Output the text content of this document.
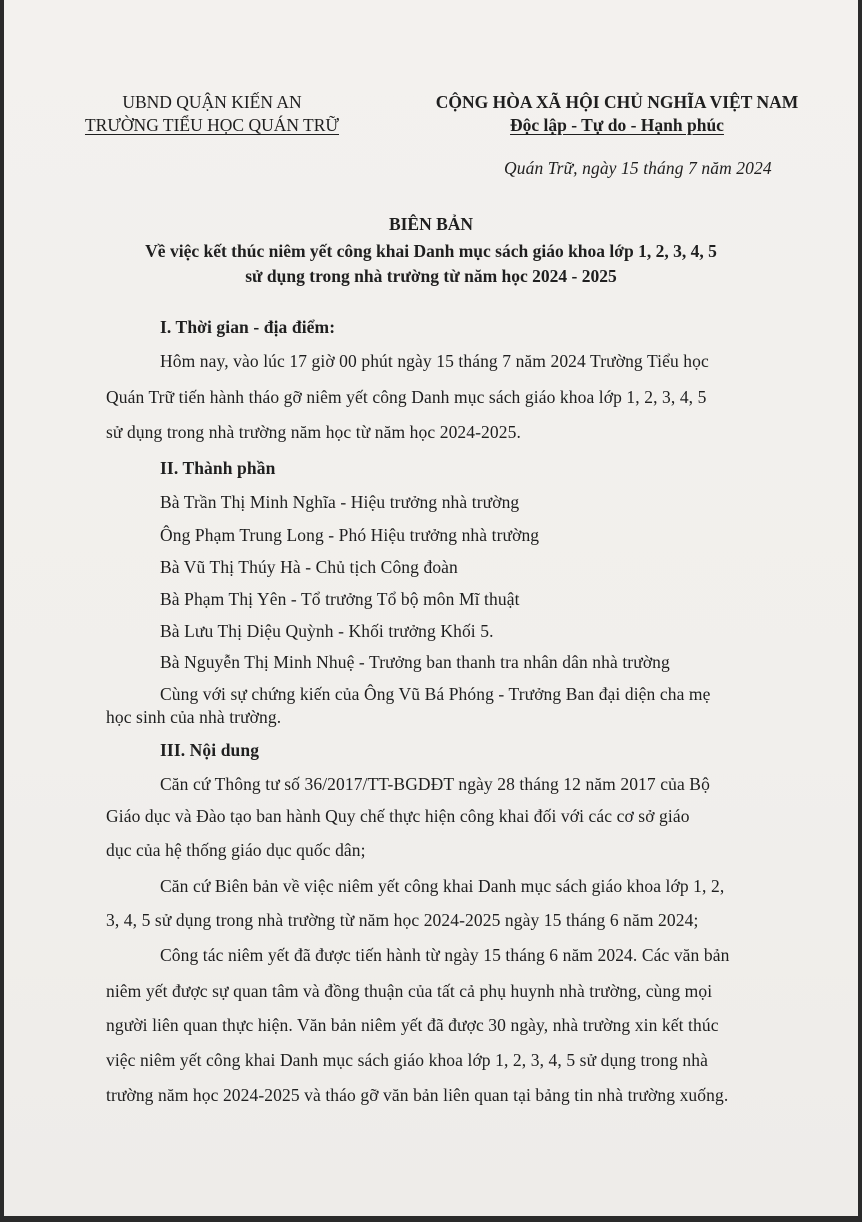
UBND QUẬN KIẾN AN
TRƯỜNG TIỂU HỌC QUÁN TRỮ
CỘNG HÒA XÃ HỘI CHỦ NGHĨA VIỆT NAM
Độc lập - Tự do - Hạnh phúc
Quán Trữ, ngày 15 tháng 7 năm 2024
BIÊN BẢN
Về việc kết thúc niêm yết công khai Danh mục sách giáo khoa lớp 1, 2, 3, 4, 5
sử dụng trong nhà trường từ năm học 2024 - 2025
I. Thời gian - địa điểm:
Hôm nay, vào lúc 17 giờ 00 phút ngày 15 tháng 7 năm 2024 Trường Tiểu học
Quán Trữ tiến hành tháo gỡ niêm yết công Danh mục sách giáo khoa lớp 1, 2, 3, 4, 5
sử dụng trong nhà trường năm học từ năm học 2024-2025.
II. Thành phần
Bà Trần Thị Minh Nghĩa - Hiệu trưởng nhà trường
Ông Phạm Trung Long - Phó Hiệu trưởng nhà trường
Bà Vũ Thị Thúy Hà - Chủ tịch Công đoàn
Bà Phạm Thị Yên - Tổ trưởng Tổ bộ môn Mĩ thuật
Bà Lưu Thị Diệu Quỳnh - Khối trưởng Khối 5.
Bà Nguyễn Thị Minh Nhuệ - Trưởng ban thanh tra nhân dân nhà trường
Cùng với sự chứng kiến của Ông Vũ Bá Phóng - Trưởng Ban đại diện cha mẹ
học sinh của nhà trường.
III. Nội dung
Căn cứ Thông tư số 36/2017/TT-BGDĐT ngày 28 tháng 12 năm 2017 của Bộ
Giáo dục và Đào tạo ban hành Quy chế thực hiện công khai đối với các cơ sở giáo
dục của hệ thống giáo dục quốc dân;
Căn cứ Biên bản về việc niêm yết công khai Danh mục sách giáo khoa lớp 1, 2,
3, 4, 5 sử dụng trong nhà trường từ năm học 2024-2025 ngày 15 tháng 6 năm 2024;
Công tác niêm yết đã được tiến hành từ ngày 15 tháng 6 năm 2024. Các văn bản
niêm yết được sự quan tâm và đồng thuận của tất cả phụ huynh nhà trường, cùng mọi
người liên quan thực hiện. Văn bản niêm yết đã được 30 ngày, nhà trường xin kết thúc
việc niêm yết công khai Danh mục sách giáo khoa lớp 1, 2, 3, 4, 5 sử dụng trong nhà
trường năm học 2024-2025 và tháo gỡ văn bản liên quan tại bảng tin nhà trường xuống.
